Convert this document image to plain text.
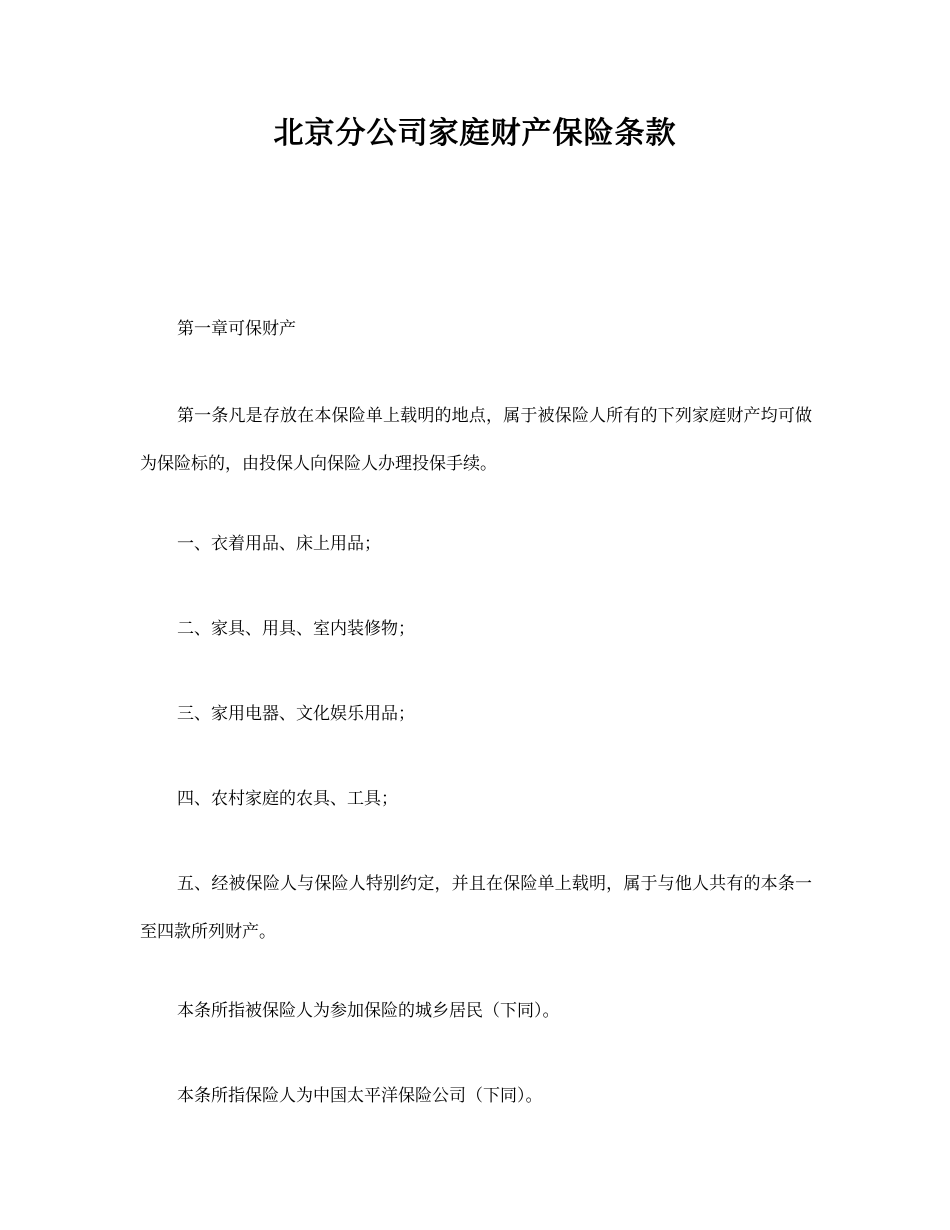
北京分公司家庭财产保险条款

第一章可保财产

第一条凡是存放在本保险单上载明的地点，属于被保险人所有的下列家庭财产均可做为保险标的，由投保人向保险人办理投保手续。

一、衣着用品、床上用品；

二、家具、用具、室内装修物；

三、家用电器、文化娱乐用品；

四、农村家庭的农具、工具；

五、经被保险人与保险人特别约定，并且在保险单上载明，属于与他人共有的本条一至四款所列财产。

本条所指被保险人为参加保险的城乡居民（下同）。

本条所指保险人为中国太平洋保险公司（下同）。
